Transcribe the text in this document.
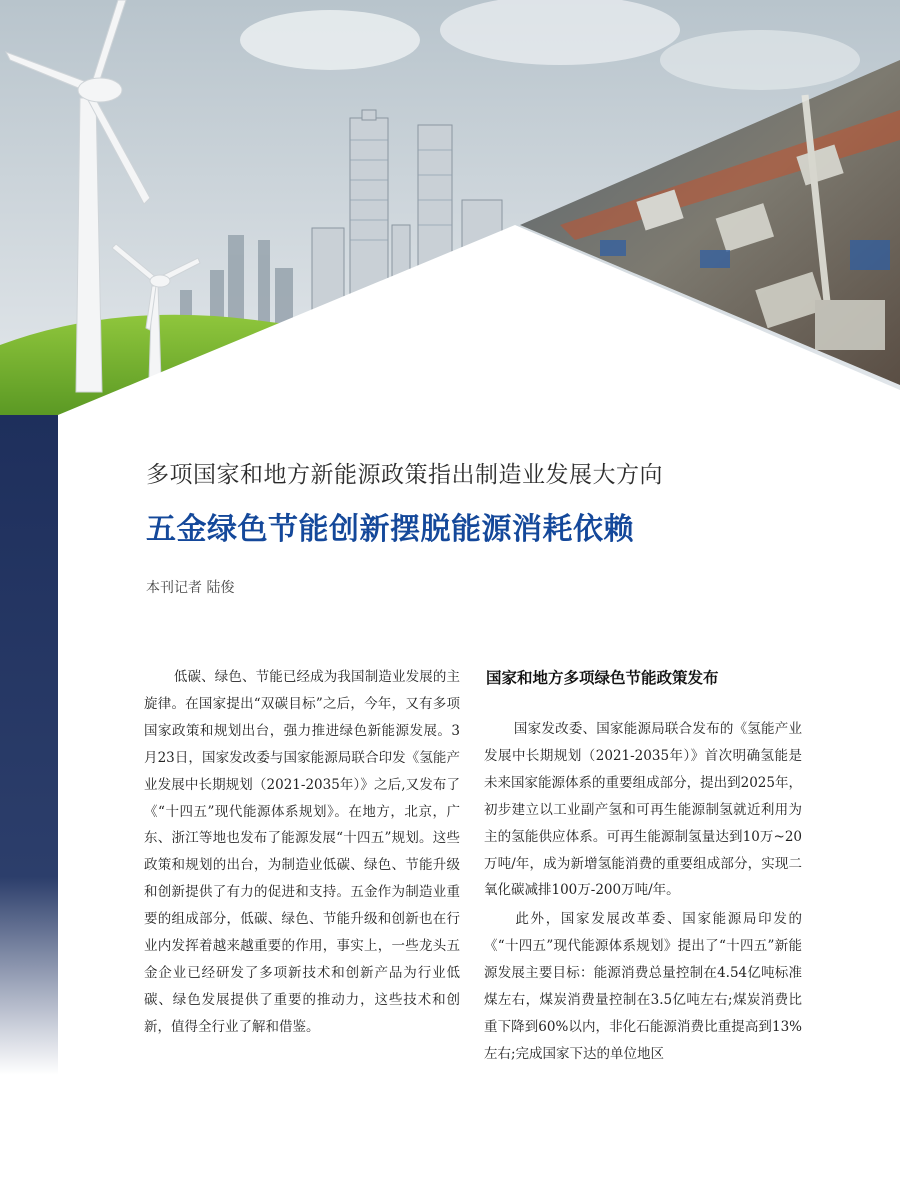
多项国家和地方新能源政策指出制造业发展大方向
五金绿色节能创新摆脱能源消耗依赖
本刊记者 陆俊

低碳、绿色、节能已经成为我国制造业发展的主旋律。在国家提出“双碳目标”之后，今年，又有多项国家政策和规划出台，强力推进绿色新能源发展。3月23日，国家发改委与国家能源局联合印发《氢能产业发展中长期规划（2021-2035年）》之后,又发布了《“十四五”现代能源体系规划》。在地方，北京，广东、浙江等地也发布了能源发展“十四五”规划。这些政策和规划的出台，为制造业低碳、绿色、节能升级和创新提供了有力的促进和支持。五金作为制造业重要的组成部分，低碳、绿色、节能升级和创新也在行业内发挥着越来越重要的作用，事实上，一些龙头五金企业已经研发了多项新技术和创新产品为行业低碳、绿色发展提供了重要的推动力，这些技术和创新，值得全行业了解和借鉴。

国家和地方多项绿色节能政策发布

国家发改委、国家能源局联合发布的《氢能产业发展中长期规划（2021-2035年）》首次明确氢能是未来国家能源体系的重要组成部分，提出到2025年，初步建立以工业副产氢和可再生能源制氢就近利用为主的氢能供应体系。可再生能源制氢量达到10万~20万吨/年，成为新增氢能消费的重要组成部分，实现二氧化碳减排100万-200万吨/年。

此外，国家发展改革委、国家能源局印发的《“十四五”现代能源体系规划》提出了“十四五”新能源发展主要目标：能源消费总量控制在4.54亿吨标准煤左右，煤炭消费量控制在3.5亿吨左右;煤炭消费比重下降到60%以内，非化石能源消费比重提高到13%左右;完成国家下达的单位地区
